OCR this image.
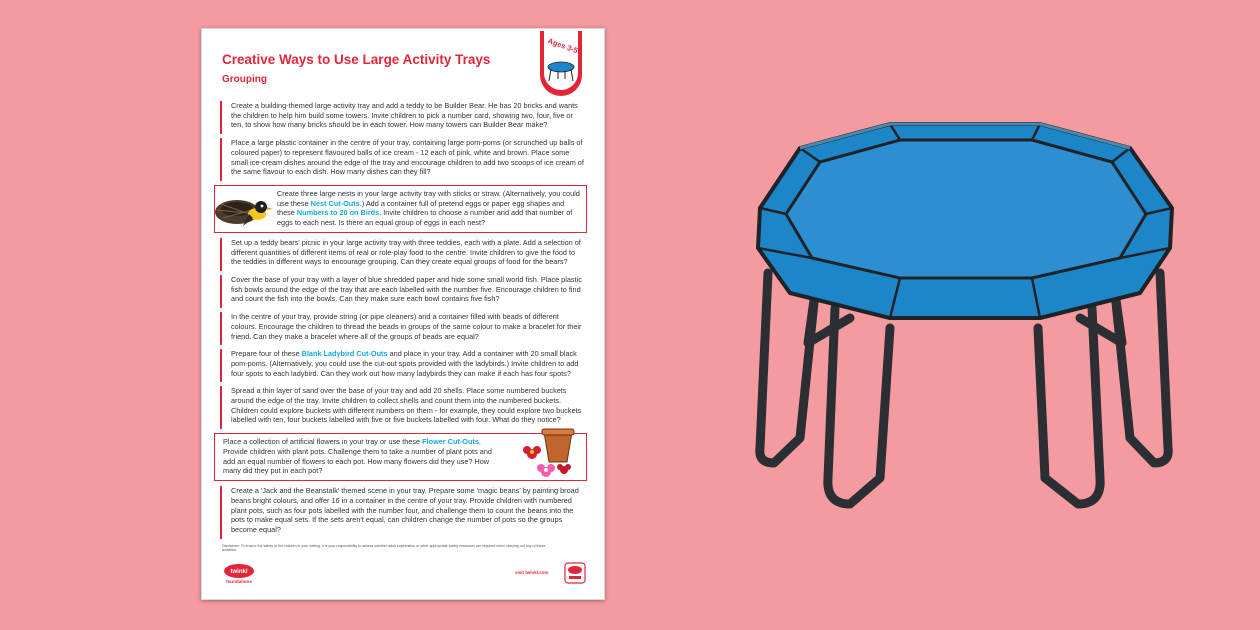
Creative Ways to Use Large Activity Trays
Grouping
Ages 3-5
Create a building-themed large activity tray and add a teddy to be Builder Bear. He has 20 bricks and wants the children to help him build some towers. Invite children to pick a number card, showing two, four, five or ten, to show how many bricks should be in each tower. How many towers can Builder Bear make?
Place a large plastic container in the centre of your tray, containing large pom-poms (or scrunched up balls of coloured paper) to represent flavoured balls of ice cream - 12 each of pink, white and brown. Place some small ice-cream dishes around the edge of the tray and encourage children to add two scoops of ice cream of the same flavour to each dish. How many dishes can they fill?
Create three large nests in your large activity tray with sticks or straw. (Alternatively, you could use these Nest Cut-Outs.) Add a container full of pretend eggs or paper egg shapes and these Numbers to 20 on Birds. Invite children to choose a number and add that number of eggs to each nest. Is there an equal group of eggs in each nest?
Set up a teddy bears' picnic in your large activity tray with three teddies, each with a plate. Add a selection of different quantities of different items of real or role-play food to the centre. Invite children to give the food to the teddies in different ways to encourage grouping. Can they create equal groups of food for the bears?
Cover the base of your tray with a layer of blue shredded paper and hide some small world fish. Place plastic fish bowls around the edge of the tray that are each labelled with the number five. Encourage children to find and count the fish into the bowls. Can they make sure each bowl contains five fish?
In the centre of your tray, provide string (or pipe cleaners) and a container filled with beads of different colours. Encourage the children to thread the beads in groups of the same colour to make a bracelet for their friend. Can they make a bracelet where all of the groups of beads are equal?
Prepare four of these Blank Ladybird Cut-Outs and place in your tray. Add a container with 20 small black pom-poms. (Alternatively, you could use the cut-out spots provided with the ladybirds.) Invite children to add four spots to each ladybird. Can they work out how many ladybirds they can make if each has four spots?
Spread a thin layer of sand over the base of your tray and add 20 shells. Place some numbered buckets around the edge of the tray. Invite children to collect shells and count them into the numbered buckets. Children could explore buckets with different numbers on them - for example, they could explore two buckets labelled with ten, four buckets labelled with five or five buckets labelled with four. What do they notice?
Place a collection of artificial flowers in your tray or use these Flower Cut-Outs. Provide children with plant pots. Challenge them to take a number of plant pots and add an equal number of flowers to each pot. How many flowers did they use? How many did they put in each pot?
Create a 'Jack and the Beanstalk' themed scene in your tray. Prepare some 'magic beans' by painting broad beans bright colours, and offer 16 in a container in the centre of your tray. Provide children with numbered plant pots, such as four pots labelled with the number four, and challenge them to count the beans into the pots to make equal sets. If the sets aren't equal, can children change the number of pots so the groups become equal?
Disclaimer: To ensure the safety of the children in your setting, it is your responsibility to assess whether adult supervision or other appropriate safety measures are required when carrying out any of these activities.
twinkl
foundations
visit twinkl.com
